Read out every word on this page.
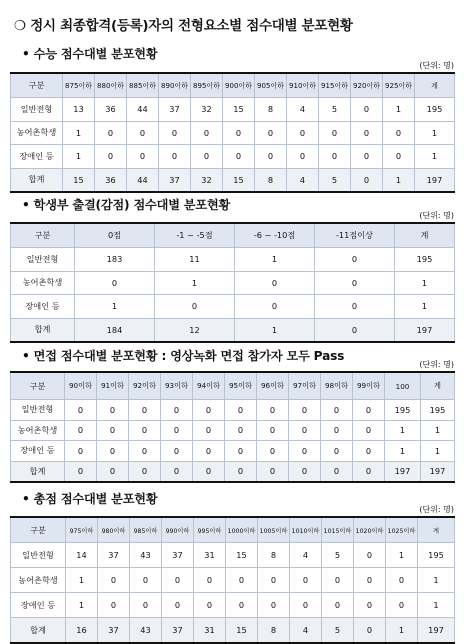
❍ 정시 최종합격(등록)자의 전형요소별 점수대별 분포현황
• 수능 점수대별 분포현황
(단위: 명)
구분	875이하	880이하	885이하	890이하	895이하	900이하	905이하	910이하	915이하	920이하	925이하	계
일반전형	13	36	44	37	32	15	8	4	5	0	1	195
농어촌학생	1	0	0	0	0	0	0	0	0	0	0	1
장애인 등	1	0	0	0	0	0	0	0	0	0	0	1
합계	15	36	44	37	32	15	8	4	5	0	1	197
• 학생부 출결(감점) 점수대별 분포현황
(단위: 명)
구분	0점	-1 ~ -5점	-6 ~ -10점	-11점이상	계
일반전형	183	11	1	0	195
농어촌학생	0	1	0	0	1
장애인 등	1	0	0	0	1
합계	184	12	1	0	197
• 면접 점수대별 분포현황 : 영상녹화 면접 참가자 모두 Pass
(단위: 명)
구분	90이하	91이하	92이하	93이하	94이하	95이하	96이하	97이하	98이하	99이하	100	계
일반전형	0	0	0	0	0	0	0	0	0	0	195	195
농어촌학생	0	0	0	0	0	0	0	0	0	0	1	1
장애인 등	0	0	0	0	0	0	0	0	0	0	1	1
합계	0	0	0	0	0	0	0	0	0	0	197	197
• 총점 점수대별 분포현황
(단위: 명)
구분	975이하	980이하	985이하	990이하	995이하	1000이하	1005이하	1010이하	1015이하	1020이하	1025이하	계
일반전형	14	37	43	37	31	15	8	4	5	0	1	195
농어촌학생	1	0	0	0	0	0	0	0	0	0	0	1
장애인 등	1	0	0	0	0	0	0	0	0	0	0	1
합계	16	37	43	37	31	15	8	4	5	0	1	197
